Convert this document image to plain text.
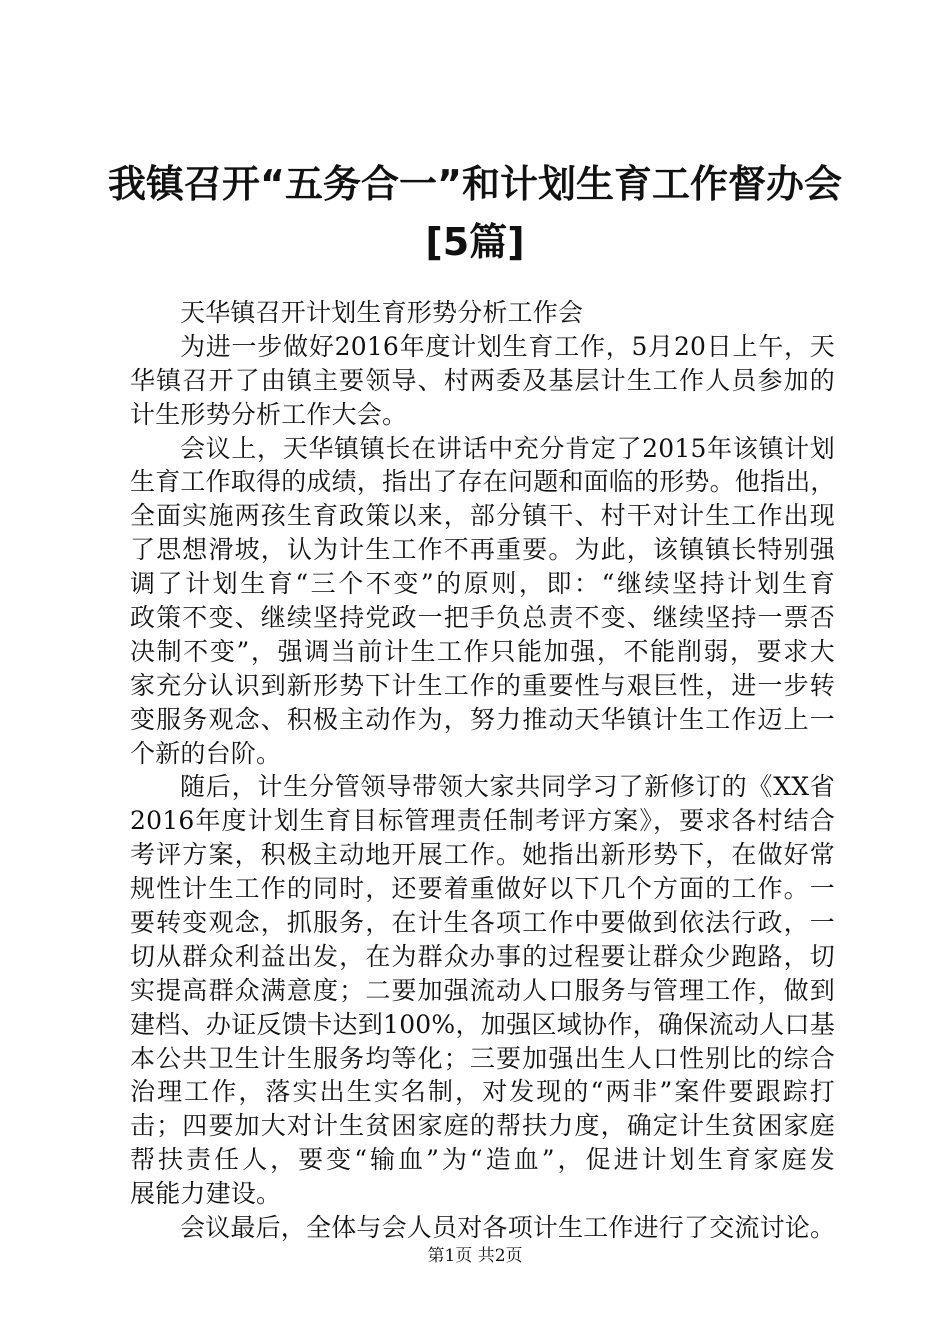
我镇召开“五务合一”和计划生育工作督办会
[5篇]
天华镇召开计划生育形势分析工作会
为进一步做好2016年度计划生育工作，5月20日上午，天
华镇召开了由镇主要领导、村两委及基层计生工作人员参加的
计生形势分析工作大会。
会议上，天华镇镇长在讲话中充分肯定了2015年该镇计划
生育工作取得的成绩，指出了存在问题和面临的形势。他指出，
全面实施两孩生育政策以来，部分镇干、村干对计生工作出现
了思想滑坡，认为计生工作不再重要。为此，该镇镇长特别强
调了计划生育“三个不变”的原则，即：“继续坚持计划生育
政策不变、继续坚持党政一把手负总责不变、继续坚持一票否
决制不变”，强调当前计生工作只能加强，不能削弱，要求大
家充分认识到新形势下计生工作的重要性与艰巨性，进一步转
变服务观念、积极主动作为，努力推动天华镇计生工作迈上一
个新的台阶。
随后，计生分管领导带领大家共同学习了新修订的《XX省
2016年度计划生育目标管理责任制考评方案》，要求各村结合
考评方案，积极主动地开展工作。她指出新形势下，在做好常
规性计生工作的同时，还要着重做好以下几个方面的工作。一
要转变观念，抓服务，在计生各项工作中要做到依法行政，一
切从群众利益出发，在为群众办事的过程要让群众少跑路，切
实提高群众满意度；二要加强流动人口服务与管理工作，做到
建档、办证反馈卡达到100%，加强区域协作，确保流动人口基
本公共卫生计生服务均等化；三要加强出生人口性别比的综合
治理工作，落实出生实名制，对发现的“两非”案件要跟踪打
击；四要加大对计生贫困家庭的帮扶力度，确定计生贫困家庭
帮扶责任人，要变“输血”为“造血”，促进计划生育家庭发
展能力建设。
会议最后，全体与会人员对各项计生工作进行了交流讨论。
第1页 共2页
